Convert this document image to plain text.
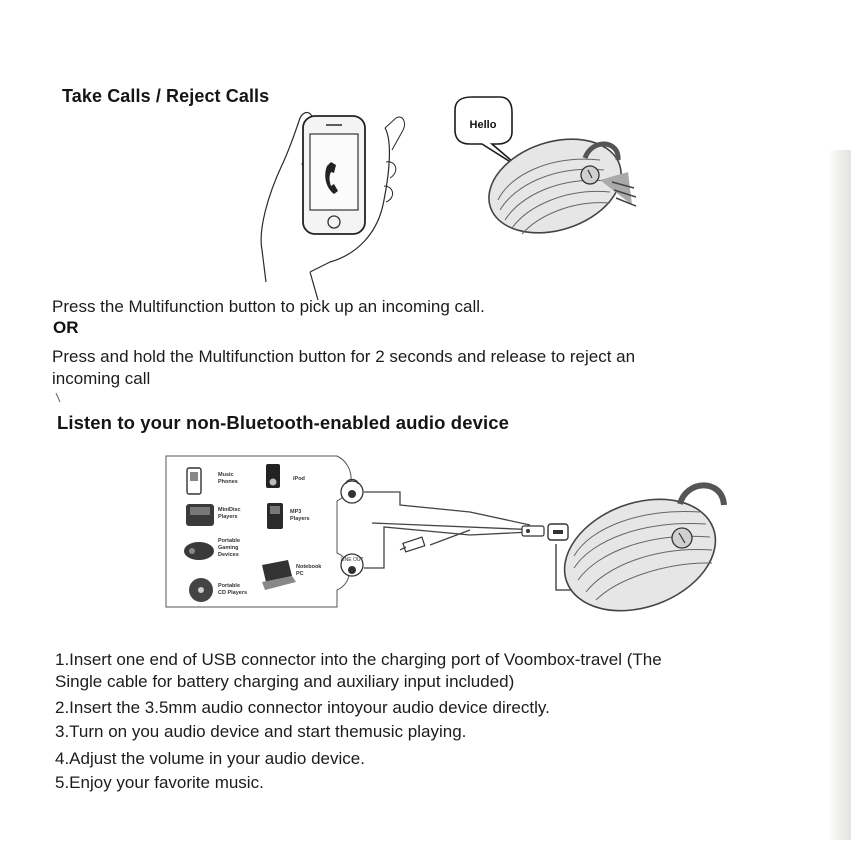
Take Calls / Reject Calls
Hello
Music
Phones	iPod
MiniDisc
Players
MP3
Players
Portable
Gaming
Devices
Notebook
PC
Portable
CD Players
LINE OUT
Press the Multifunction button to pick up an incoming call.
OR
Press and hold the Multifunction button for 2 seconds and release to reject an
incoming call
Listen to your non-Bluetooth-enabled audio device
1.Insert one end of USB connector into the charging port of Voombox-travel (The
Single cable for battery charging and auxiliary input included)
2.Insert the 3.5mm audio connector intoyour audio device directly.
3.Turn on you audio device and start themusic playing.
4.Adjust the volume in your audio device.
5.Enjoy your favorite music.
